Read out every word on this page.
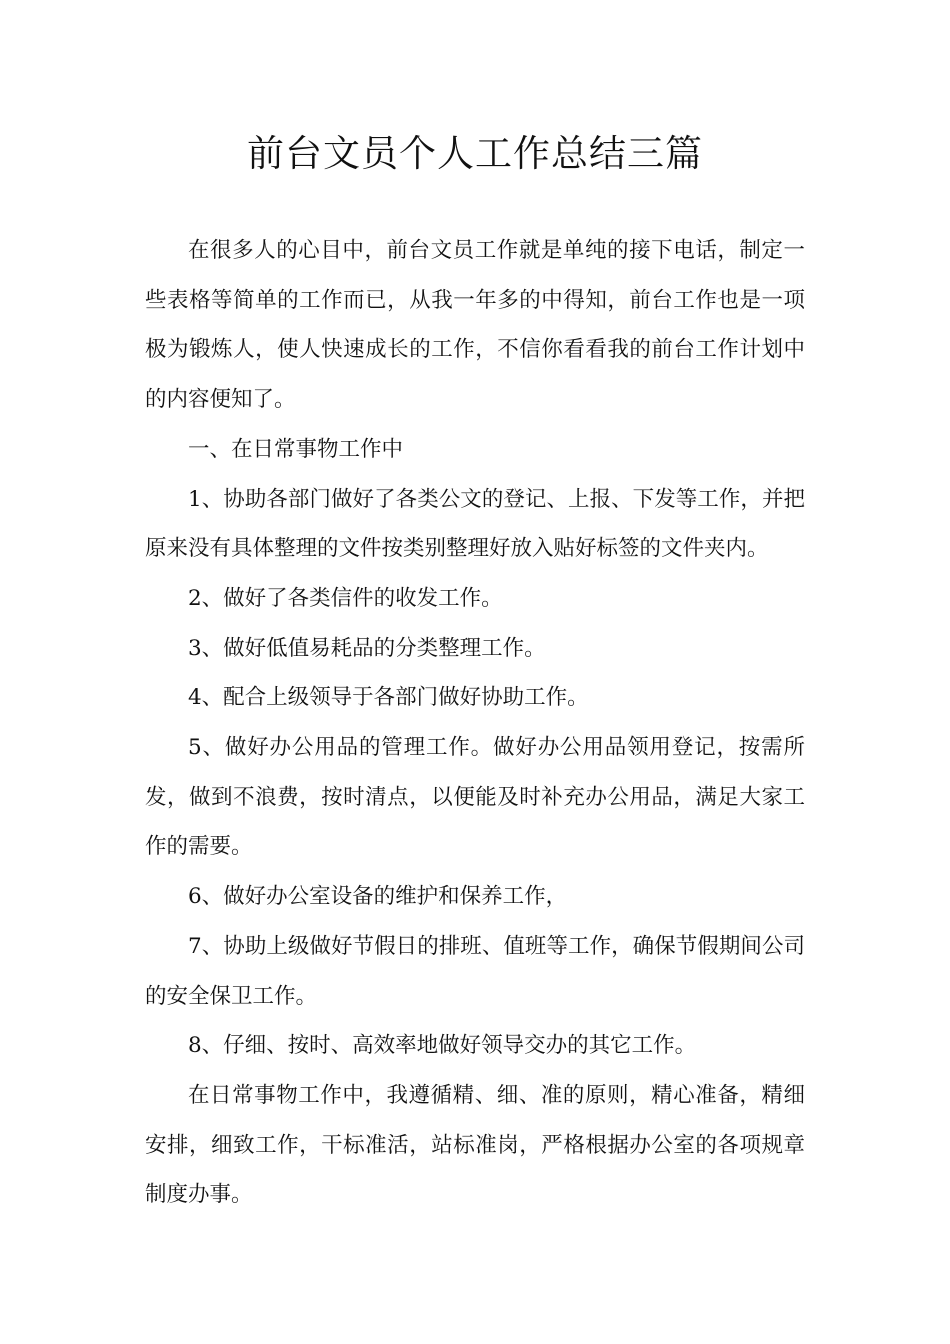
前台文员个人工作总结三篇

在很多人的心目中，前台文员工作就是单纯的接下电话，制定一些表格等简单的工作而已，从我一年多的中得知，前台工作也是一项极为锻炼人，使人快速成长的工作，不信你看看我的前台工作计划中的内容便知了。

一、在日常事物工作中

1、协助各部门做好了各类公文的登记、上报、下发等工作，并把原来没有具体整理的文件按类别整理好放入贴好标签的文件夹内。

2、做好了各类信件的收发工作。

3、做好低值易耗品的分类整理工作。

4、配合上级领导于各部门做好协助工作。

5、做好办公用品的管理工作。做好办公用品领用登记，按需所发，做到不浪费，按时清点，以便能及时补充办公用品，满足大家工作的需要。

6、做好办公室设备的维护和保养工作，

7、协助上级做好节假日的排班、值班等工作，确保节假期间公司的安全保卫工作。

8、仔细、按时、高效率地做好领导交办的其它工作。

在日常事物工作中，我遵循精、细、准的原则，精心准备，精细安排，细致工作，干标准活，站标准岗，严格根据办公室的各项规章制度办事。
